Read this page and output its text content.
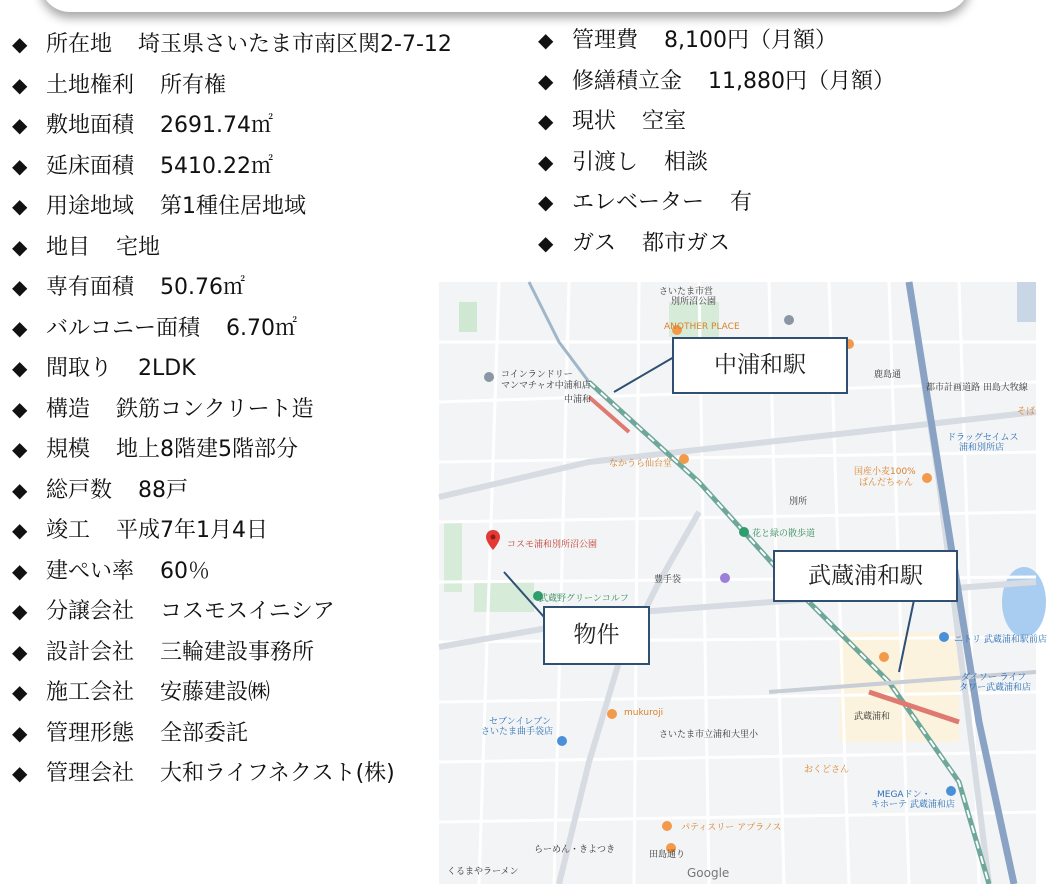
◆ 所在地 埼玉県さいたま市南区関2-7-12
◆ 土地権利 所有権
◆ 敷地面積 2691.74㎡
◆ 延床面積 5410.22㎡
◆ 用途地域 第1種住居地域
◆ 地目 宅地
◆ 専有面積 50.76㎡
◆ バルコニー面積 6.70㎡
◆ 間取り 2LDK
◆ 構造 鉄筋コンクリート造
◆ 規模 地上8階建5階部分
◆ 総戸数 88戸
◆ 竣工 平成7年1月4日
◆ 建ぺい率 60％
◆ 分譲会社 コスモスイニシア
◆ 設計会社 三輪建設事務所
◆ 施工会社 安藤建設㈱
◆ 管理形態 全部委託
◆ 管理会社 大和ライフネクスト(株)
◆ 管理費 8,100円（月額）
◆ 修繕積立金 11,880円（月額）
◆ 現状 空室
◆ 引渡し 相談
◆ エレベーター 有
◆ ガス 都市ガス
さいたま市営
別所沼公園
ANOTHER PLACE
コインランドリー
マンマチャオ中浦和店
中浦和
なかうら仙台堂
コスモ浦和別所沼公園
武蔵野グリーンコルフ
豊手袋
国産小麦100%
ぱんだちゃん
ドラッグセイムス
浦和別所店
花と緑の散歩道
武蔵浦和
ニトリ 武蔵浦和駅前店
ダイソー ライフ
タワー武蔵浦和店
セブンイレブン
さいたま曲手袋店
mukuroji
さいたま市立浦和大里小
おくどさん
MEGAドン・
キホーテ 武蔵浦和店
パティスリー アプラノス
らーめん・きよつき
くるまやラーメン	Google
都市計画道路 田島大牧線
別所
鹿島通
田島通り
そば
中浦和駅
武蔵浦和駅
物件
